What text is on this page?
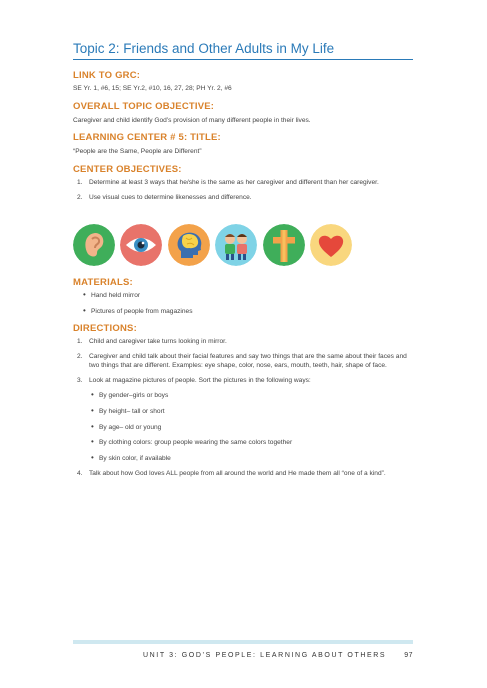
Topic 2: Friends and Other Adults in My Life
LINK TO GRC:
SE Yr. 1, #6, 15; SE Yr.2, #10, 16, 27, 28; PH Yr. 2, #6
OVERALL TOPIC OBJECTIVE:
Caregiver and child identify God’s provision of many different people in their lives.
LEARNING CENTER # 5: TITLE:
“People are the Same, People are Different”
CENTER OBJECTIVES:
1. Determine at least 3 ways that he/she is the same as her caregiver and different than her caregiver.
2. Use visual cues to determine likenesses and difference.
MATERIALS:
• Hand held mirror
• Pictures of people from magazines
DIRECTIONS:
1. Child and caregiver take turns looking in mirror.
2. Caregiver and child talk about their facial features and say two things that are the same about their faces and two things that are different. Examples: eye shape, color, nose, ears, mouth, teeth, hair, shape of face.
3. Look at magazine pictures of people. Sort the pictures in the following ways:
• By gender–girls or boys
• By height– tall or short
• By age– old or young
• By clothing colors: group people wearing the same colors together
• By skin color, if available
4. Talk about how God loves ALL people from all around the world and He made them all “one of a kind”.
UNIT 3: GOD’S PEOPLE: LEARNING ABOUT OTHERS	97
